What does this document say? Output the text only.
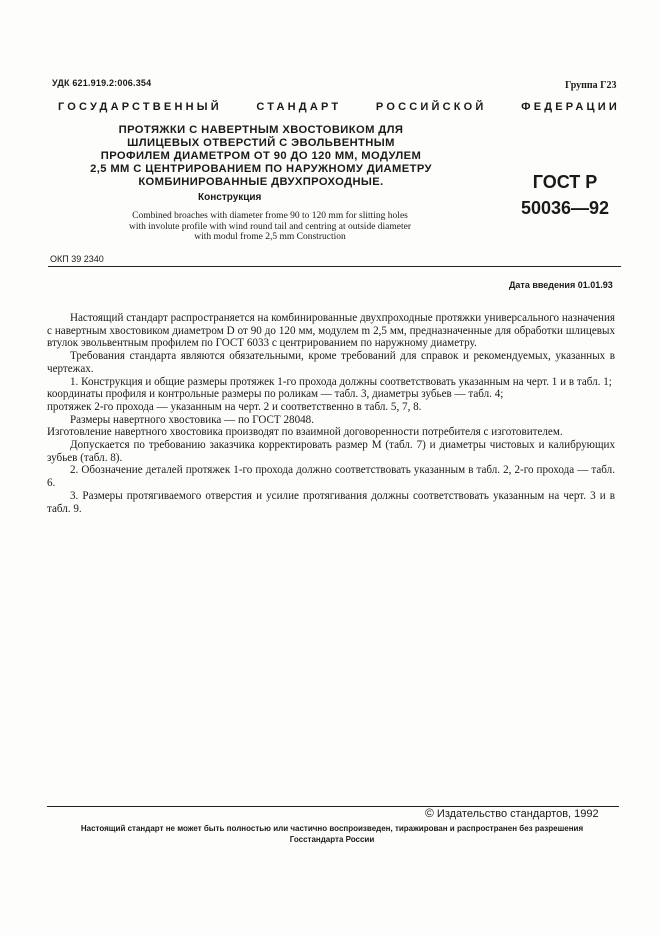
УДК 621.919.2:006.354	Группа Г23
ГОСУДАРСТВЕННЫЙ	СТАНДАРТ	РОССИЙСКОЙ	ФЕДЕРАЦИИ
ПРОТЯЖКИ С НАВЕРТНЫМ ХВОСТОВИКОМ ДЛЯ
ШЛИЦЕВЫХ ОТВЕРСТИЙ С ЭВОЛЬВЕНТНЫМ
ПРОФИЛЕМ ДИАМЕТРОМ ОТ 90 ДО 120 ММ, МОДУЛЕМ
2,5 ММ С ЦЕНТРИРОВАНИЕМ ПО НАРУЖНОМУ ДИАМЕТРУ
КОМБИНИРОВАННЫЕ ДВУХПРОХОДНЫЕ.
Конструкция
ГОСТ Р
50036—92
Combined broaches with diameter frome 90 to 120 mm for slitting holes
with involute profile with wind round tail and centring at outside diameter
with modul frome 2,5 mm Construction
ОКП 39 2340
Дата введения 01.01.93

Настоящий стандарт распространяется на комбинированные двухпроходные протяжки универсального назначения с навертным хвостовиком диаметром D от 90 до 120 мм, модулем m 2,5 мм, предназначенные для обработки шлицевых втулок эвольвентным профилем по ГОСТ 6033 с центрированием по наружному диаметру.

Требования стандарта являются обязательными, кроме требований для справок и рекомендуемых, указанных в чертежах.

1. Конструкция и общие размеры протяжек 1-го прохода должны соответствовать указанным на черт. 1 и в табл. 1;

координаты профиля и контрольные размеры по роликам — табл. 3, диаметры зубьев — табл. 4;

протяжек 2-го прохода — указанным на черт. 2 и соответственно в табл. 5, 7, 8.

Размеры навертного хвостовика — по ГОСТ 28048.

Изготовление навертного хвостовика производят по взаимной договоренности потребителя с изготовителем.

Допускается по требованию заказчика корректировать размер M (табл. 7) и диаметры чистовых и калибрующих зубьев (табл. 8).

2. Обозначение деталей протяжек 1-го прохода должно соответствовать указанным в табл. 2, 2-го прохода — табл. 6.

3. Размеры протягиваемого отверстия и усилие протягивания должны соответствовать указанным на черт. 3 и в табл. 9.

© Издательство стандартов, 1992
Настоящий стандарт не может быть полностью или частично воспроизведен, тиражирован и распространен без разрешения
Госстандарта России
